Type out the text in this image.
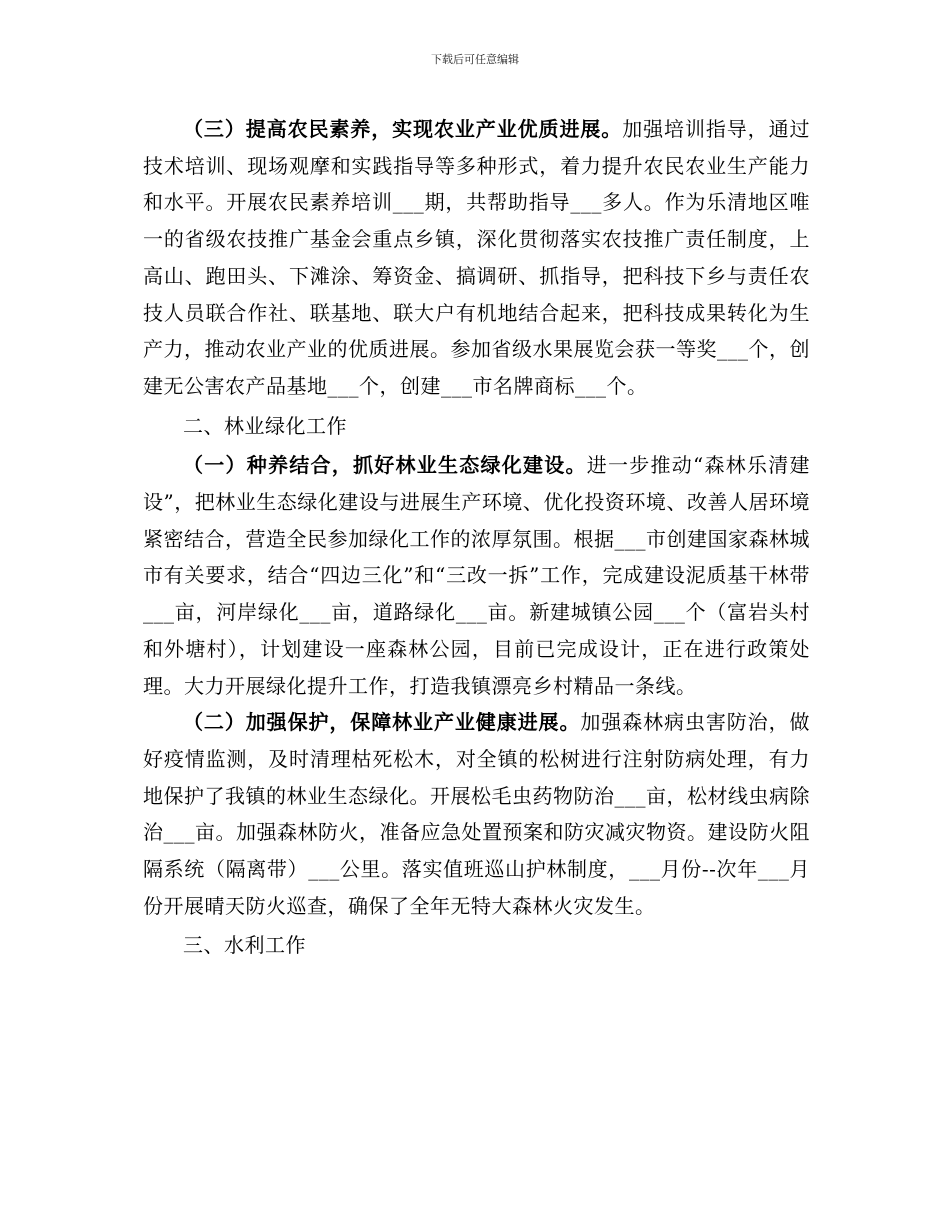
下载后可任意编辑

（三）提高农民素养，实现农业产业优质进展。加强培训指导，通过技术培训、现场观摩和实践指导等多种形式，着力提升农民农业生产能力和水平。开展农民素养培训___期，共帮助指导___多人。作为乐清地区唯一的省级农技推广基金会重点乡镇，深化贯彻落实农技推广责任制度，上高山、跑田头、下滩涂、筹资金、搞调研、抓指导，把科技下乡与责任农技人员联合作社、联基地、联大户有机地结合起来，把科技成果转化为生产力，推动农业产业的优质进展。参加省级水果展览会获一等奖___个，创建无公害农产品基地___个，创建___市名牌商标___个。

二、林业绿化工作

（一）种养结合，抓好林业生态绿化建设。进一步推动“森林乐清建设”，把林业生态绿化建设与进展生产环境、优化投资环境、改善人居环境紧密结合，营造全民参加绿化工作的浓厚氛围。根据___市创建国家森林城市有关要求，结合“四边三化”和“三改一拆”工作，完成建设泥质基干林带___亩，河岸绿化___亩，道路绿化___亩。新建城镇公园___个（富岩头村和外塘村），计划建设一座森林公园，目前已完成设计，正在进行政策处理。大力开展绿化提升工作，打造我镇漂亮乡村精品一条线。

（二）加强保护，保障林业产业健康进展。加强森林病虫害防治，做好疫情监测，及时清理枯死松木，对全镇的松树进行注射防病处理，有力地保护了我镇的林业生态绿化。开展松毛虫药物防治___亩，松材线虫病除治___亩。加强森林防火，准备应急处置预案和防灾减灾物资。建设防火阻隔系统（隔离带）___公里。落实值班巡山护林制度，___月份--次年___月份开展晴天防火巡查，确保了全年无特大森林火灾发生。

三、水利工作
